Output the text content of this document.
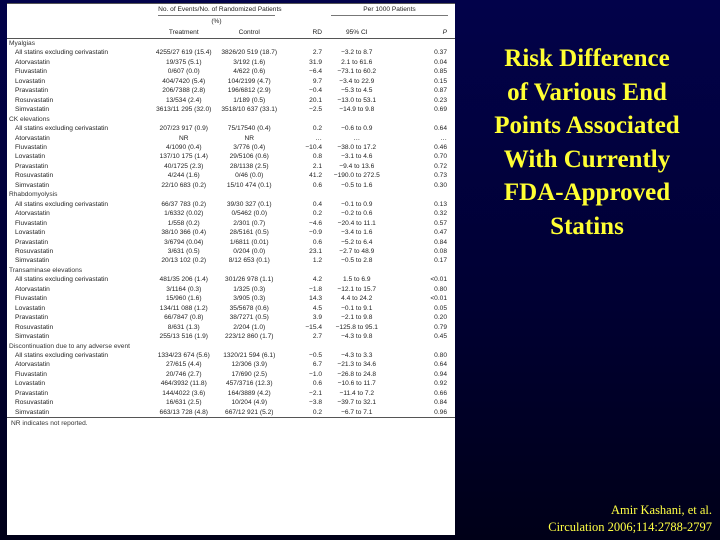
	No. of Events/No. of Randomized Patients			Per 1000 Patients	
	(%)				
	Treatment	Control	RD	95% CI	P
Myalgias					
All statins excluding cerivastatin	4255/27 619 (15.4)	3826/20 519 (18.7)	2.7	−3.2 to 8.7	0.37
Atorvastatin	19/375 (5.1)	3/192 (1.6)	31.9	2.1 to 61.6	0.04
Fluvastatin	0/607 (0.0)	4/622 (0.6)	−6.4	−73.1 to 60.2	0.85
Lovastatin	404/7420 (5.4)	104/2199 (4.7)	9.7	−3.4 to 22.9	0.15
Pravastatin	206/7388 (2.8)	196/6812 (2.9)	−0.4	−5.3 to 4.5	0.87
Rosuvastatin	13/534 (2.4)	1/189 (0.5)	20.1	−13.0 to 53.1	0.23
Simvastatin	3613/11 295 (32.0)	3518/10 637 (33.1)	−2.5	−14.9 to 9.8	0.69
CK elevations					
All statins excluding cerivastatin	207/23 917 (0.9)	75/17540 (0.4)	0.2	−0.6 to 0.9	0.64
Atorvastatin	NR	NR	…	…	…
Fluvastatin	4/1090 (0.4)	3/776 (0.4)	−10.4	−38.0 to 17.2	0.46
Lovastatin	137/10 175 (1.4)	29/5106 (0.6)	0.8	−3.1 to 4.6	0.70
Pravastatin	40/1725 (2.3)	28/1138 (2.5)	2.1	−9.4 to 13.6	0.72
Rosuvastatin	4/244 (1.6)	0/46 (0.0)	41.2	−190.0 to 272.5	0.73
Simvastatin	22/10 683 (0.2)	15/10 474 (0.1)	0.6	−0.5 to 1.6	0.30
Rhabdomyolysis					
All statins excluding cerivastatin	66/37 783 (0.2)	39/30 327 (0.1)	0.4	−0.1 to 0.9	0.13
Atorvastatin	1/6332 (0.02)	0/5462 (0.0)	0.2	−0.2 to 0.6	0.32
Fluvastatin	1/558 (0.2)	2/301 (0.7)	−4.6	−20.4 to 11.1	0.57
Lovastatin	38/10 366 (0.4)	28/5161 (0.5)	−0.9	−3.4 to 1.6	0.47
Pravastatin	3/6794 (0.04)	1/6811 (0.01)	0.6	−5.2 to 6.4	0.84
Rosuvastatin	3/631 (0.5)	0/204 (0.0)	23.1	−2.7 to 48.9	0.08
Simvastatin	20/13 102 (0.2)	8/12 653 (0.1)	1.2	−0.5 to 2.8	0.17
Transaminase elevations					
All statins excluding cerivastatin	481/35 206 (1.4)	301/26 978 (1.1)	4.2	1.5 to 6.9	<0.01
Atorvastatin	3/1164 (0.3)	1/325 (0.3)	−1.8	−12.1 to 15.7	0.80
Fluvastatin	15/960 (1.6)	3/905 (0.3)	14.3	4.4 to 24.2	<0.01
Lovastatin	134/11 088 (1.2)	35/5678 (0.6)	4.5	−0.1 to 9.1	0.05
Pravastatin	66/7847 (0.8)	38/7271 (0.5)	3.9	−2.1 to 9.8	0.20
Rosuvastatin	8/631 (1.3)	2/204 (1.0)	−15.4	−125.8 to 95.1	0.79
Simvastatin	255/13 516 (1.9)	223/12 860 (1.7)	2.7	−4.3 to 9.8	0.45
Discontinuation due to any adverse event					
All statins excluding cerivastatin	1334/23 674 (5.6)	1320/21 594 (6.1)	−0.5	−4.3 to 3.3	0.80
Atorvastatin	27/615 (4.4)	12/306 (3.9)	6.7	−21.3 to 34.6	0.64
Fluvastatin	20/746 (2.7)	17/690 (2.5)	−1.0	−26.8 to 24.8	0.94
Lovastatin	464/3932 (11.8)	457/3716 (12.3)	0.6	−10.6 to 11.7	0.92
Pravastatin	144/4022 (3.6)	164/3889 (4.2)	−2.1	−11.4 to 7.2	0.66
Rosuvastatin	16/631 (2.5)	10/204 (4.9)	−3.8	−39.7 to 32.1	0.84
Simvastatin	663/13 728 (4.8)	667/12 921 (5.2)	0.2	−6.7 to 7.1	0.96
NR indicates not reported.
Risk Difference
of Various End
Points Associated
With Currently
FDA-Approved
Statins
Amir Kashani, et al.
Circulation 2006;114:2788-2797
